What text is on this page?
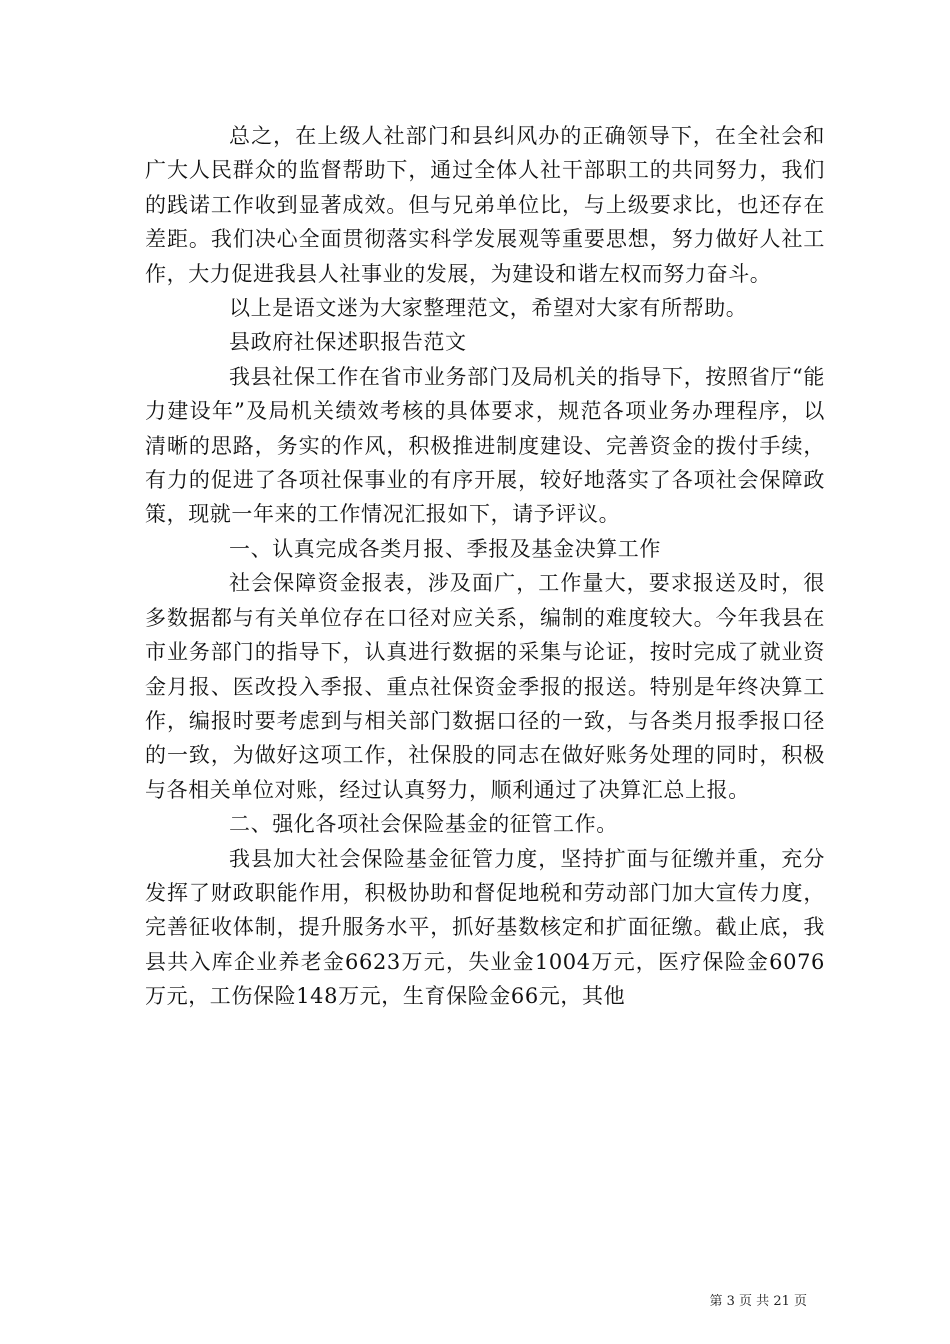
总之，在上级人社部门和县纠风办的正确领导下，在全社会和广大人民群众的监督帮助下，通过全体人社干部职工的共同努力，我们的践诺工作收到显著成效。但与兄弟单位比，与上级要求比，也还存在差距。我们决心全面贯彻落实科学发展观等重要思想，努力做好人社工作，大力促进我县人社事业的发展，为建设和谐左权而努力奋斗。

以上是语文迷为大家整理范文，希望对大家有所帮助。

县政府社保述职报告范文

我县社保工作在省市业务部门及局机关的指导下，按照省厅“能力建设年”及局机关绩效考核的具体要求，规范各项业务办理程序，以清晰的思路，务实的作风，积极推进制度建设、完善资金的拨付手续，有力的促进了各项社保事业的有序开展，较好地落实了各项社会保障政策，现就一年来的工作情况汇报如下，请予评议。

一、认真完成各类月报、季报及基金决算工作

社会保障资金报表，涉及面广，工作量大，要求报送及时，很多数据都与有关单位存在口径对应关系，编制的难度较大。今年我县在市业务部门的指导下，认真进行数据的采集与论证，按时完成了就业资金月报、医改投入季报、重点社保资金季报的报送。特别是年终决算工作，编报时要考虑到与相关部门数据口径的一致，与各类月报季报口径的一致，为做好这项工作，社保股的同志在做好账务处理的同时，积极与各相关单位对账，经过认真努力，顺利通过了决算汇总上报。

二、强化各项社会保险基金的征管工作。

我县加大社会保险基金征管力度，坚持扩面与征缴并重，充分发挥了财政职能作用，积极协助和督促地税和劳动部门加大宣传力度，完善征收体制，提升服务水平，抓好基数核定和扩面征缴。截止底，我县共入库企业养老金6623万元，失业金1004万元，医疗保险金6076万元，工伤保险148万元，生育保险金66元，其他

第 3 页 共 21 页
